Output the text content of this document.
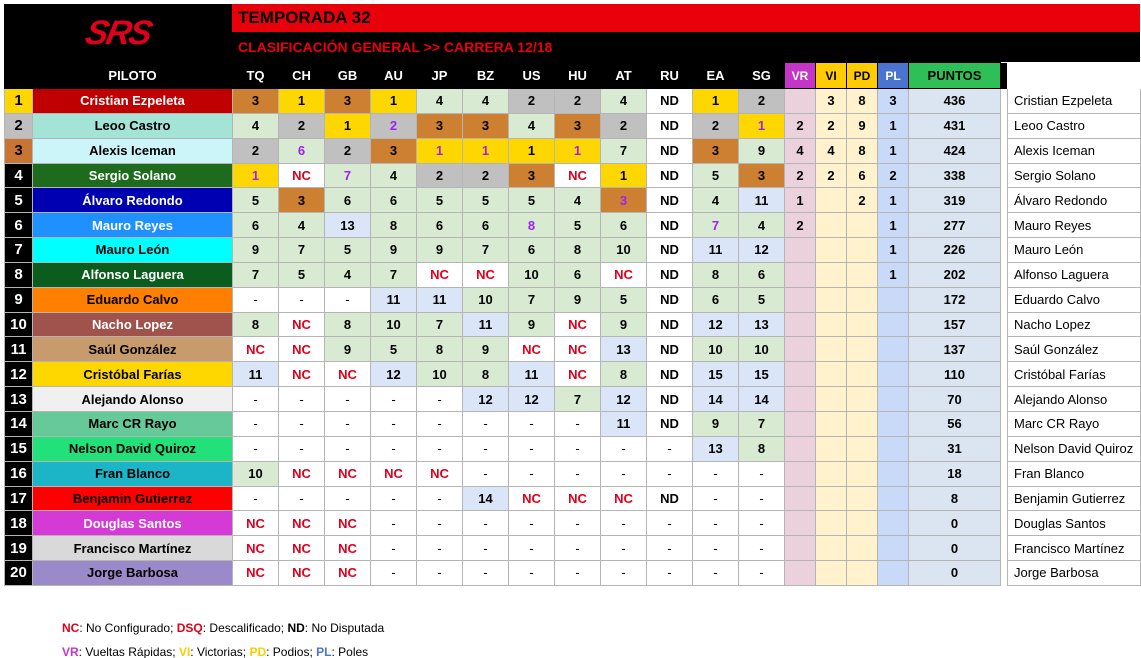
SRS	TEMPORADA 32
CLASIFICACIÓN GENERAL >> CARRERA 12/18
	PILOTO	TQ	CH	GB	AU	JP	BZ	US	HU	AT	RU	EA	SG	VR	VI	PD	PL	PUNTOS		
1	Cristian Ezpeleta	3	1	3	1	4	4	2	2	4	ND	1	2		3	8	3	436		Cristian Ezpeleta
2	Leoo Castro	4	2	1	2	3	3	4	3	2	ND	2	1	2	2	9	1	431		Leoo Castro
3	Alexis Iceman	2	6	2	3	1	1	1	1	7	ND	3	9	4	4	8	1	424		Alexis Iceman
4	Sergio Solano	1	NC	7	4	2	2	3	NC	1	ND	5	3	2	2	6	2	338		Sergio Solano
5	Álvaro Redondo	5	3	6	6	5	5	5	4	3	ND	4	11	1		2	1	319		Álvaro Redondo
6	Mauro Reyes	6	4	13	8	6	6	8	5	6	ND	7	4	2			1	277		Mauro Reyes
7	Mauro León	9	7	5	9	9	7	6	8	10	ND	11	12				1	226		Mauro León
8	Alfonso Laguera	7	5	4	7	NC	NC	10	6	NC	ND	8	6				1	202		Alfonso Laguera
9	Eduardo Calvo	-	-	-	11	11	10	7	9	5	ND	6	5					172		Eduardo Calvo
10	Nacho Lopez	8	NC	8	10	7	11	9	NC	9	ND	12	13					157		Nacho Lopez
11	Saúl González	NC	NC	9	5	8	9	NC	NC	13	ND	10	10					137		Saúl González
12	Cristóbal Farías	11	NC	NC	12	10	8	11	NC	8	ND	15	15					110		Cristóbal Farías
13	Alejando Alonso	-	-	-	-	-	12	12	7	12	ND	14	14					70		Alejando Alonso
14	Marc CR Rayo	-	-	-	-	-	-	-	-	11	ND	9	7					56		Marc CR Rayo
15	Nelson David Quiroz	-	-	-	-	-	-	-	-	-	-	13	8					31		Nelson David Quiroz
16	Fran Blanco	10	NC	NC	NC	NC	-	-	-	-	-	-	-					18		Fran Blanco
17	Benjamin Gutierrez	-	-	-	-	-	14	NC	NC	NC	ND	-	-					8		Benjamin Gutierrez
18	Douglas Santos	NC	NC	NC	-	-	-	-	-	-	-	-	-					0		Douglas Santos
19	Francisco Martínez	NC	NC	NC	-	-	-	-	-	-	-	-	-					0		Francisco Martínez
20	Jorge Barbosa	NC	NC	NC	-	-	-	-	-	-	-	-	-					0		Jorge Barbosa
NC: No Configurado; DSQ: Descalificado; ND: No Disputada
VR: Vueltas Rápidas; VI: Victorias; PD: Podios; PL: Poles
